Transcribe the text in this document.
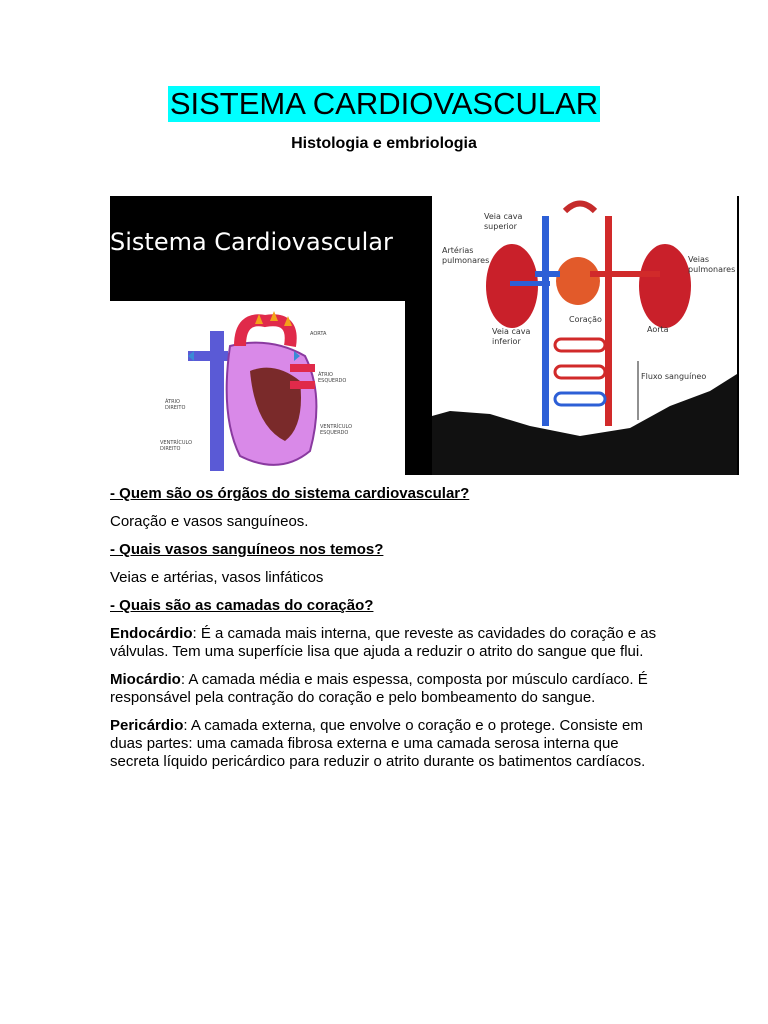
SISTEMA CARDIOVASCULAR
Histologia e embriologia
Sistema Cardiovascular
AORTA
ÁTRIO
ESQUERDO
ÁTRIO
DIREITO
VENTRÍCULO
ESQUERDO
VENTRÍCULO
DIREITO
Veia cava
superior
Artérias
pulmonares	Veias
pulmonares
Coração
Aorta
Veia cava
inferior
Fluxo sanguíneo

- Quem são os órgãos do sistema cardiovascular?

Coração e vasos sanguíneos.

- Quais vasos sanguíneos nos temos?

Veias e artérias, vasos linfáticos

- Quais são as camadas do coração?

Endocárdio: É a camada mais interna, que reveste as cavidades do coração e as válvulas. Tem uma superfície lisa que ajuda a reduzir o atrito do sangue que flui.

Miocárdio: A camada média e mais espessa, composta por músculo cardíaco. É responsável pela contração do coração e pelo bombeamento do sangue.

Pericárdio: A camada externa, que envolve o coração e o protege. Consiste em duas partes: uma camada fibrosa externa e uma camada serosa interna que secreta líquido pericárdico para reduzir o atrito durante os batimentos cardíacos.
